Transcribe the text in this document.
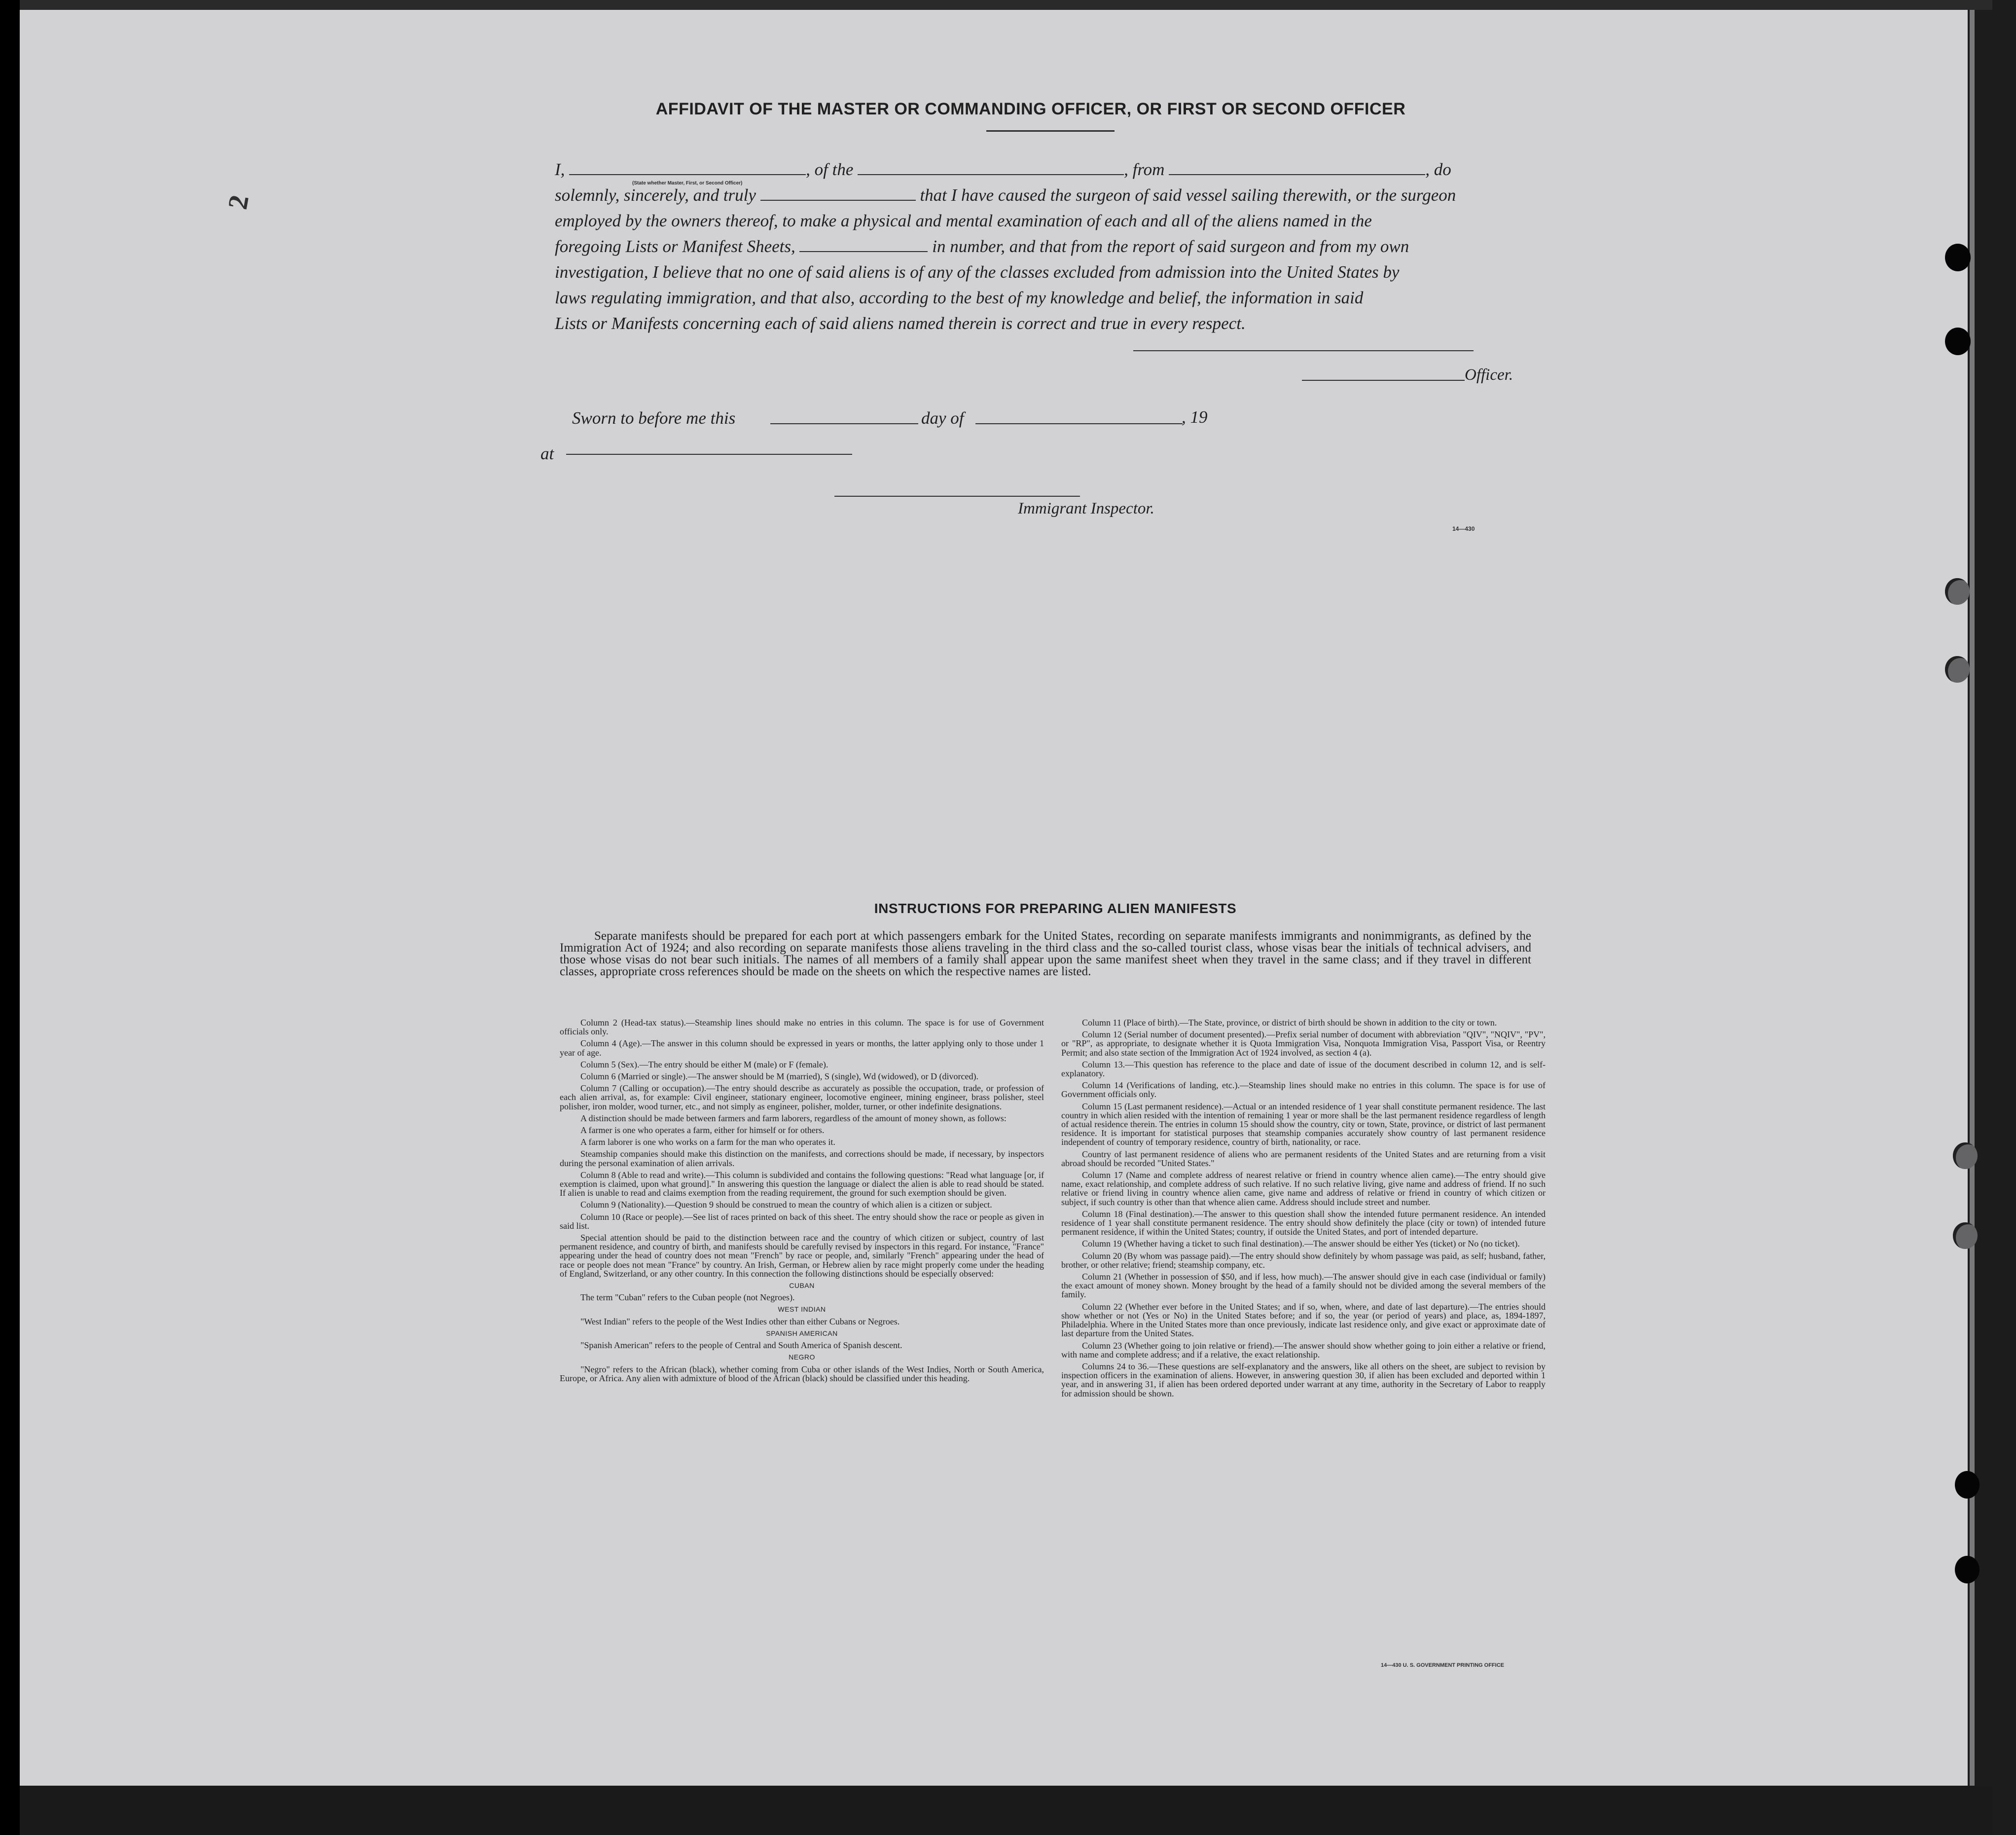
2
AFFIDAVIT OF THE MASTER OR COMMANDING OFFICER, OR FIRST OR SECOND OFFICER

I,	, of the	, from	, do

solemnly, sincerely, and truly	that I have caused the surgeon of said vessel sailing therewith, or the surgeon

employed by the owners thereof, to make a physical and mental examination of each and all of the aliens named in the

foregoing Lists or Manifest Sheets,	in number, and that from the report of said surgeon and from my own

investigation, I believe that no one of said aliens is of any of the classes excluded from admission into the United States by

laws regulating immigration, and that also, according to the best of my knowledge and belief, the information in said

Lists or Manifests concerning each of said aliens named therein is correct and true in every respect.

(State whether Master, First, or Second Officer)
Officer.
Sworn to before me this	day of	, 19
at
Immigrant Inspector.
14—430
INSTRUCTIONS FOR PREPARING ALIEN MANIFESTS

Separate manifests should be prepared for each port at which passengers embark for the United States, recording on separate manifests immigrants and nonimmigrants, as defined by the Immigration Act of 1924; and also recording on separate manifests those aliens traveling in the third class and the so-called tourist class, whose visas bear the initials of technical advisers, and those whose visas do not bear such initials. The names of all members of a family shall appear upon the same manifest sheet when they travel in the same class; and if they travel in different classes, appropriate cross references should be made on the sheets on which the respective names are listed.

Column 2 (Head-tax status).—Steamship lines should make no entries in this column. The space is for use of Government officials only.

Column 4 (Age).—The answer in this column should be expressed in years or months, the latter applying only to those under 1 year of age.

Column 5 (Sex).—The entry should be either M (male) or F (female).

Column 6 (Married or single).—The answer should be M (married), S (single), Wd (widowed), or D (divorced).

Column 7 (Calling or occupation).—The entry should describe as accurately as possible the occupation, trade, or profession of each alien arrival, as, for example: Civil engineer, stationary engineer, locomotive engineer, mining engineer, brass polisher, steel polisher, iron molder, wood turner, etc., and not simply as engineer, polisher, molder, turner, or other indefinite designations.

A distinction should be made between farmers and farm laborers, regardless of the amount of money shown, as follows:

A farmer is one who operates a farm, either for himself or for others.

A farm laborer is one who works on a farm for the man who operates it.

Steamship companies should make this distinction on the manifests, and corrections should be made, if necessary, by inspectors during the personal examination of alien arrivals.

Column 8 (Able to read and write).—This column is subdivided and contains the following questions: "Read what language [or, if exemption is claimed, upon what ground]." In answering this question the language or dialect the alien is able to read should be stated. If alien is unable to read and claims exemption from the reading requirement, the ground for such exemption should be given.

Column 9 (Nationality).—Question 9 should be construed to mean the country of which alien is a citizen or subject.

Column 10 (Race or people).—See list of races printed on back of this sheet. The entry should show the race or people as given in said list.

Special attention should be paid to the distinction between race and the country of which citizen or subject, country of last permanent residence, and country of birth, and manifests should be carefully revised by inspectors in this regard. For instance, "France" appearing under the head of country does not mean "French" by race or people, and, similarly "French" appearing under the head of race or people does not mean "France" by country. An Irish, German, or Hebrew alien by race might properly come under the heading of England, Switzerland, or any other country. In this connection the following distinctions should be especially observed:

CUBAN

The term "Cuban" refers to the Cuban people (not Negroes).

WEST INDIAN

"West Indian" refers to the people of the West Indies other than either Cubans or Negroes.

SPANISH AMERICAN

"Spanish American" refers to the people of Central and South America of Spanish descent.

NEGRO

"Negro" refers to the African (black), whether coming from Cuba or other islands of the West Indies, North or South America, Europe, or Africa. Any alien with admixture of blood of the African (black) should be classified under this heading.

Column 11 (Place of birth).—The State, province, or district of birth should be shown in addition to the city or town.

Column 12 (Serial number of document presented).—Prefix serial number of document with abbreviation "QIV", "NQIV", "PV", or "RP", as appropriate, to designate whether it is Quota Immigration Visa, Nonquota Immigration Visa, Passport Visa, or Reentry Permit; and also state section of the Immigration Act of 1924 involved, as section 4 (a).

Column 13.—This question has reference to the place and date of issue of the document described in column 12, and is self-explanatory.

Column 14 (Verifications of landing, etc.).—Steamship lines should make no entries in this column. The space is for use of Government officials only.

Column 15 (Last permanent residence).—Actual or an intended residence of 1 year shall constitute permanent residence. The last country in which alien resided with the intention of remaining 1 year or more shall be the last permanent residence regardless of length of actual residence therein. The entries in column 15 should show the country, city or town, State, province, or district of last permanent residence. It is important for statistical purposes that steamship companies accurately show country of last permanent residence independent of country of temporary residence, country of birth, nationality, or race.

Country of last permanent residence of aliens who are permanent residents of the United States and are returning from a visit abroad should be recorded "United States."

Column 17 (Name and complete address of nearest relative or friend in country whence alien came).—The entry should give name, exact relationship, and complete address of such relative. If no such relative living, give name and address of friend. If no such relative or friend living in country whence alien came, give name and address of relative or friend in country of which citizen or subject, if such country is other than that whence alien came. Address should include street and number.

Column 18 (Final destination).—The answer to this question shall show the intended future permanent residence. An intended residence of 1 year shall constitute permanent residence. The entry should show definitely the place (city or town) of intended future permanent residence, if within the United States; country, if outside the United States, and port of intended departure.

Column 19 (Whether having a ticket to such final destination).—The answer should be either Yes (ticket) or No (no ticket).

Column 20 (By whom was passage paid).—The entry should show definitely by whom passage was paid, as self; husband, father, brother, or other relative; friend; steamship company, etc.

Column 21 (Whether in possession of $50, and if less, how much).—The answer should give in each case (individual or family) the exact amount of money shown. Money brought by the head of a family should not be divided among the several members of the family.

Column 22 (Whether ever before in the United States; and if so, when, where, and date of last departure).—The entries should show whether or not (Yes or No) in the United States before; and if so, the year (or period of years) and place, as, 1894-1897, Philadelphia. Where in the United States more than once previously, indicate last residence only, and give exact or approximate date of last departure from the United States.

Column 23 (Whether going to join relative or friend).—The answer should show whether going to join either a relative or friend, with name and complete address; and if a relative, the exact relationship.

Columns 24 to 36.—These questions are self-explanatory and the answers, like all others on the sheet, are subject to revision by inspection officers in the examination of aliens. However, in answering question 30, if alien has been excluded and deported within 1 year, and in answering 31, if alien has been ordered deported under warrant at any time, authority in the Secretary of Labor to reapply for admission should be shown.

14—430 U. S. GOVERNMENT PRINTING OFFICE
